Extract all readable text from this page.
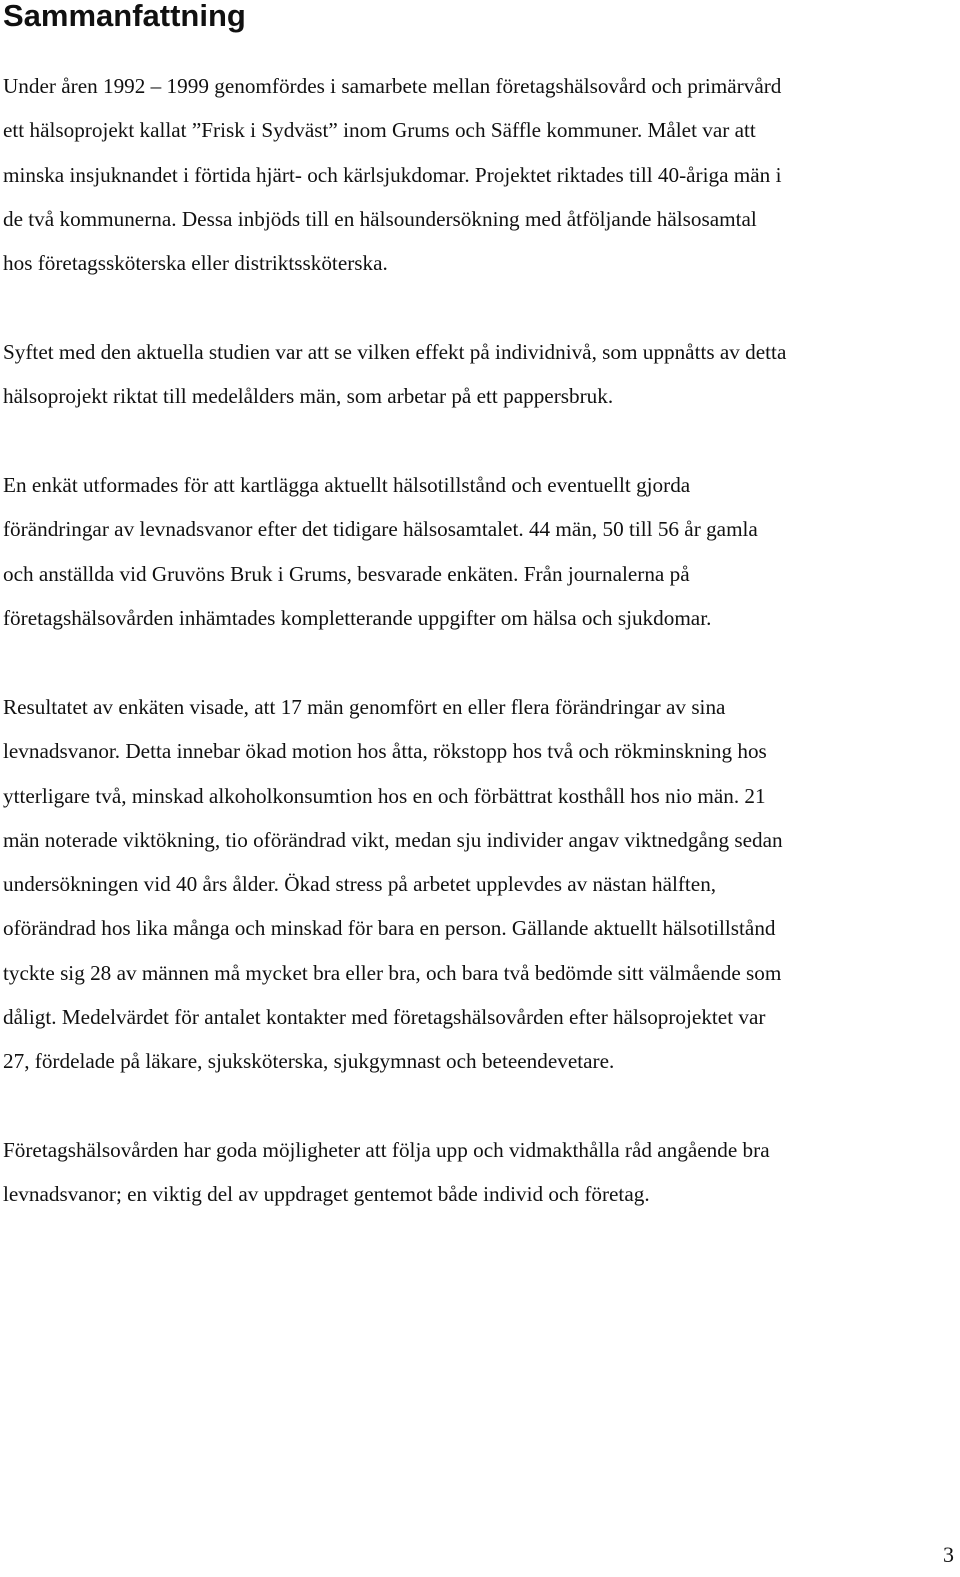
Sammanfattning
Under åren 1992 – 1999 genomfördes i samarbete mellan företagshälsovård och primärvård
ett hälsoprojekt kallat ”Frisk i Sydväst” inom Grums och Säffle kommuner. Målet var att
minska insjuknandet i förtida hjärt- och kärlsjukdomar. Projektet riktades till 40-åriga män i
de två kommunerna. Dessa inbjöds till en hälsoundersökning med åtföljande hälsosamtal
hos företagssköterska eller distriktssköterska.
Syftet med den aktuella studien var att se vilken effekt på individnivå, som uppnåtts av detta
hälsoprojekt riktat till medelålders män, som arbetar på ett pappersbruk.
En enkät utformades för att kartlägga aktuellt hälsotillstånd och eventuellt gjorda
förändringar av levnadsvanor efter det tidigare hälsosamtalet. 44 män, 50 till 56 år gamla
och anställda vid Gruvöns Bruk i Grums, besvarade enkäten. Från journalerna på
företagshälsovården inhämtades kompletterande uppgifter om hälsa och sjukdomar.
Resultatet av enkäten visade, att 17 män genomfört en eller flera förändringar av sina
levnadsvanor. Detta innebar ökad motion hos åtta, rökstopp hos två och rökminskning hos
ytterligare två, minskad alkoholkonsumtion hos en och förbättrat kosthåll hos nio män. 21
män noterade viktökning, tio oförändrad vikt, medan sju individer angav viktnedgång sedan
undersökningen vid 40 års ålder. Ökad stress på arbetet upplevdes av nästan hälften,
oförändrad hos lika många och minskad för bara en person. Gällande aktuellt hälsotillstånd
tyckte sig 28 av männen må mycket bra eller bra, och bara två bedömde sitt välmående som
dåligt. Medelvärdet för antalet kontakter med företagshälsovården efter hälsoprojektet var
27, fördelade på läkare, sjuksköterska, sjukgymnast och beteendevetare.
Företagshälsovården har goda möjligheter att följa upp och vidmakthålla råd angående bra
levnadsvanor; en viktig del av uppdraget gentemot både individ och företag.
3
